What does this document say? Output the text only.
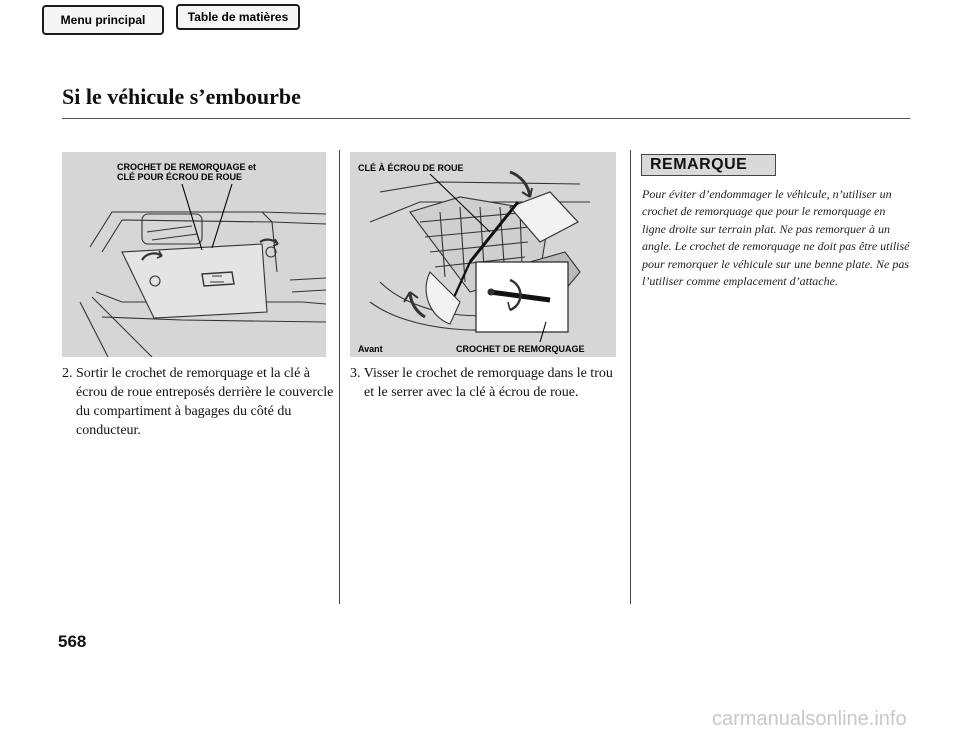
Menu principal	Table de matières
Si le véhicule s’embourbe
CROCHET DE REMORQUAGE et
CLÉ POUR ÉCROU DE ROUE
CLÉ À ÉCROU DE ROUE
Avant	CROCHET DE REMORQUAGE
2. Sortir le crochet de remorquage et la clé à écrou de roue entreposés derrière le couvercle du compartiment à bagages du côté du conducteur.
3. Visser le crochet de remorquage dans le trou et le serrer avec la clé à écrou de roue.
REMARQUE
Pour éviter d’endommager le véhicule, n’utiliser un crochet de remorquage que pour le remorquage en ligne droite sur terrain plat. Ne pas remorquer à un angle. Le crochet de remorquage ne doit pas être utilisé pour remorquer le véhicule sur une benne plate. Ne pas l’utiliser comme emplacement d’attache.
568
carmanualsonline.info
